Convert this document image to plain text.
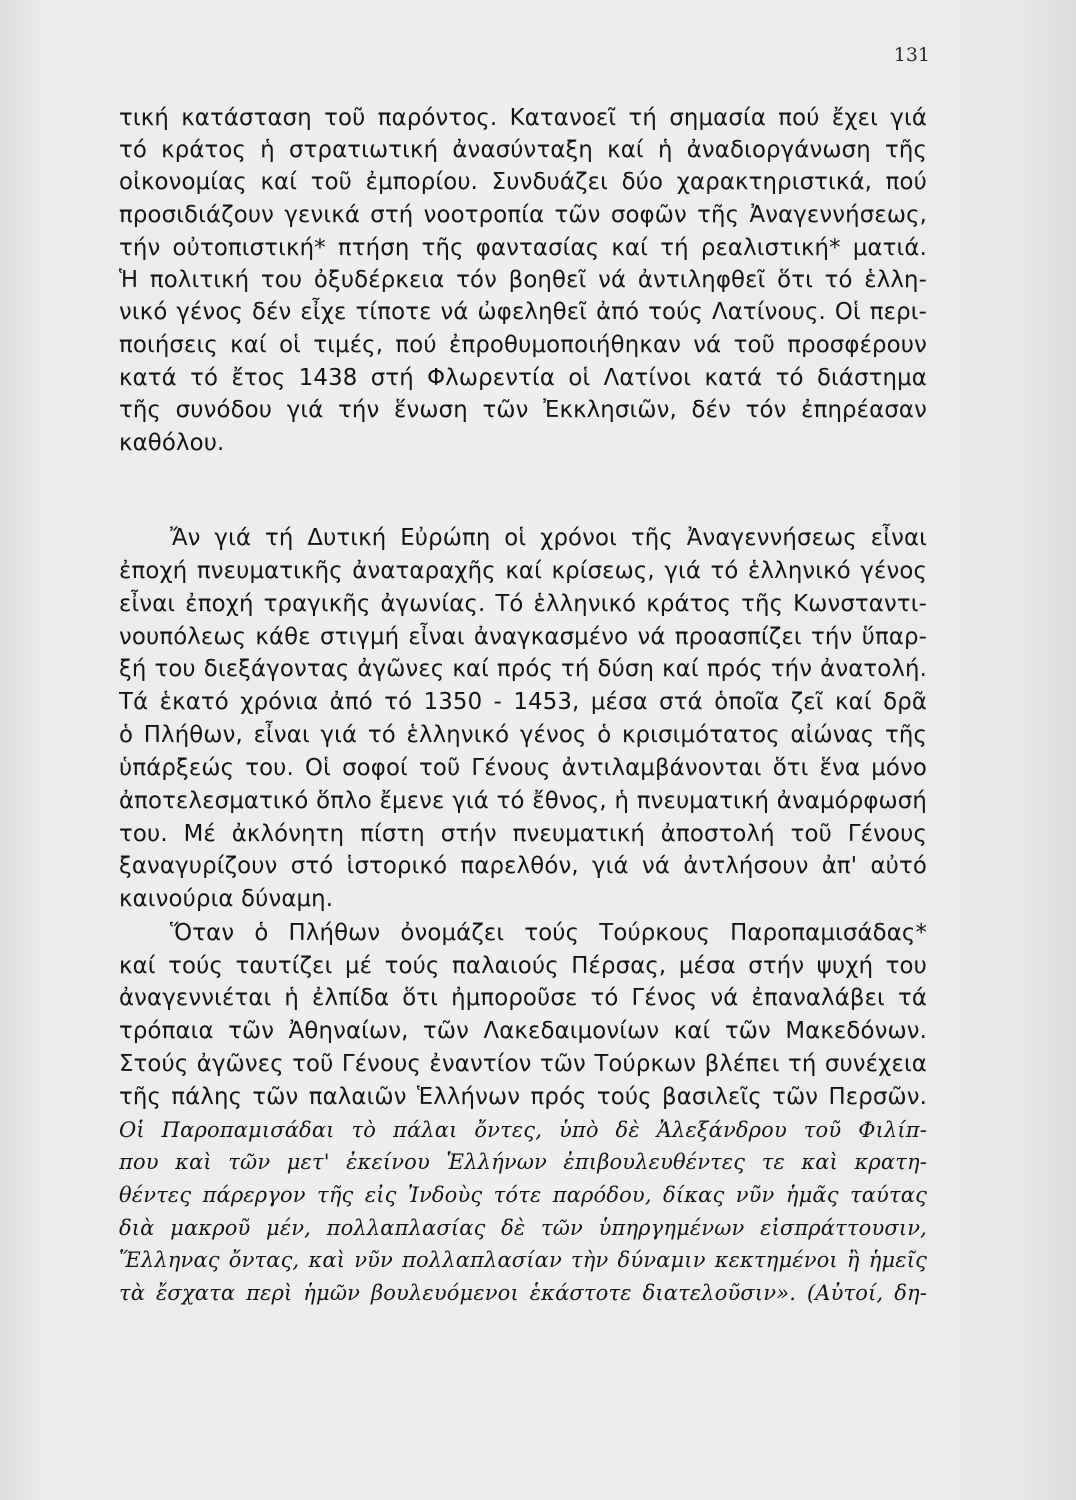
131
τική κατάσταση τοῦ παρόντος. Κατανοεῖ τή σημασία πού ἔχει γιά
τό κράτος ἡ στρατιωτική ἀνασύνταξη καί ἡ ἀναδιοργάνωση τῆς
οἰκονομίας καί τοῦ ἐμπορίου. Συνδυάζει δύο χαρακτηριστικά, πού
προσιδιάζουν γενικά στή νοοτροπία τῶν σοφῶν τῆς Ἀναγεννήσεως,
τήν οὐτοπιστική* πτήση τῆς φαντασίας καί τή ρεαλιστική* ματιά.
Ἡ πολιτική του ὀξυδέρκεια τόν βοηθεῖ νά ἀντιληφθεῖ ὅτι τό ἑλλη-
νικό γένος δέν εἶχε τίποτε νά ὠφεληθεῖ ἀπό τούς Λατίνους. Οἱ περι-
ποιήσεις καί οἱ τιμές, πού ἐπροθυμοποιήθηκαν νά τοῦ προσφέρουν
κατά τό ἔτος 1438 στή Φλωρεντία οἱ Λατίνοι κατά τό διάστημα
τῆς συνόδου γιά τήν ἕνωση τῶν Ἐκκλησιῶν, δέν τόν ἐπηρέασαν
καθόλου.
Ἄν γιά τή Δυτική Εὐρώπη οἱ χρόνοι τῆς Ἀναγεννήσεως εἶναι
ἐποχή πνευματικῆς ἀναταραχῆς καί κρίσεως, γιά τό ἑλληνικό γένος
εἶναι ἐποχή τραγικῆς ἀγωνίας. Τό ἑλληνικό κράτος τῆς Κωνσταντι-
νουπόλεως κάθε στιγμή εἶναι ἀναγκασμένο νά προασπίζει τήν ὕπαρ-
ξή του διεξάγοντας ἀγῶνες καί πρός τή δύση καί πρός τήν ἀνατολή.
Τά ἑκατό χρόνια ἀπό τό 1350 - 1453, μέσα στά ὁποῖα ζεῖ καί δρᾶ
ὁ Πλήθων, εἶναι γιά τό ἑλληνικό γένος ὁ κρισιμότατος αἰώνας τῆς
ὑπάρξεώς του. Οἱ σοφοί τοῦ Γένους ἀντιλαμβάνονται ὅτι ἕνα μόνο
ἀποτελεσματικό ὅπλο ἔμενε γιά τό ἔθνος, ἡ πνευματική ἀναμόρφωσή
του. Μέ ἀκλόνητη πίστη στήν πνευματική ἀποστολή τοῦ Γένους
ξαναγυρίζουν στό ἱστορικό παρελθόν, γιά νά ἀντλήσουν ἀπ' αὐτό
καινούρια δύναμη.
Ὅταν ὁ Πλήθων ὀνομάζει τούς Τούρκους Παροπαμισάδας*
καί τούς ταυτίζει μέ τούς παλαιούς Πέρσας, μέσα στήν ψυχή του
ἀναγεννιέται ἡ ἐλπίδα ὅτι ἠμποροῦσε τό Γένος νά ἐπαναλάβει τά
τρόπαια τῶν Ἀθηναίων, τῶν Λακεδαιμονίων καί τῶν Μακεδόνων.
Στούς ἀγῶνες τοῦ Γένους ἐναντίον τῶν Τούρκων βλέπει τή συνέχεια
τῆς πάλης τῶν παλαιῶν Ἑλλήνων πρός τούς βασιλεῖς τῶν Περσῶν.
Οἱ Παροπαμισάδαι τὸ πάλαι ὄντες, ὑπὸ δὲ Ἀλεξάνδρου τοῦ Φιλίπ-
που καὶ τῶν μετ' ἐκείνου Ἑλλήνων ἐπιβουλευθέντες τε καὶ κρατη-
θέντες πάρεργον τῆς εἰς Ἰνδοὺς τότε παρόδου, δίκας νῦν ἡμᾶς ταύτας
διὰ μακροῦ μέν, πολλαπλασίας δὲ τῶν ὑπηργημένων εἰσπράττουσιν,
Ἕλληνας ὄντας, καὶ νῦν πολλαπλασίαν τὴν δύναμιν κεκτημένοι ἢ ἡμεῖς
τὰ ἔσχατα περὶ ἡμῶν βουλευόμενοι ἑκάστοτε διατελοῦσιν». (Αὐτοί, δη-
